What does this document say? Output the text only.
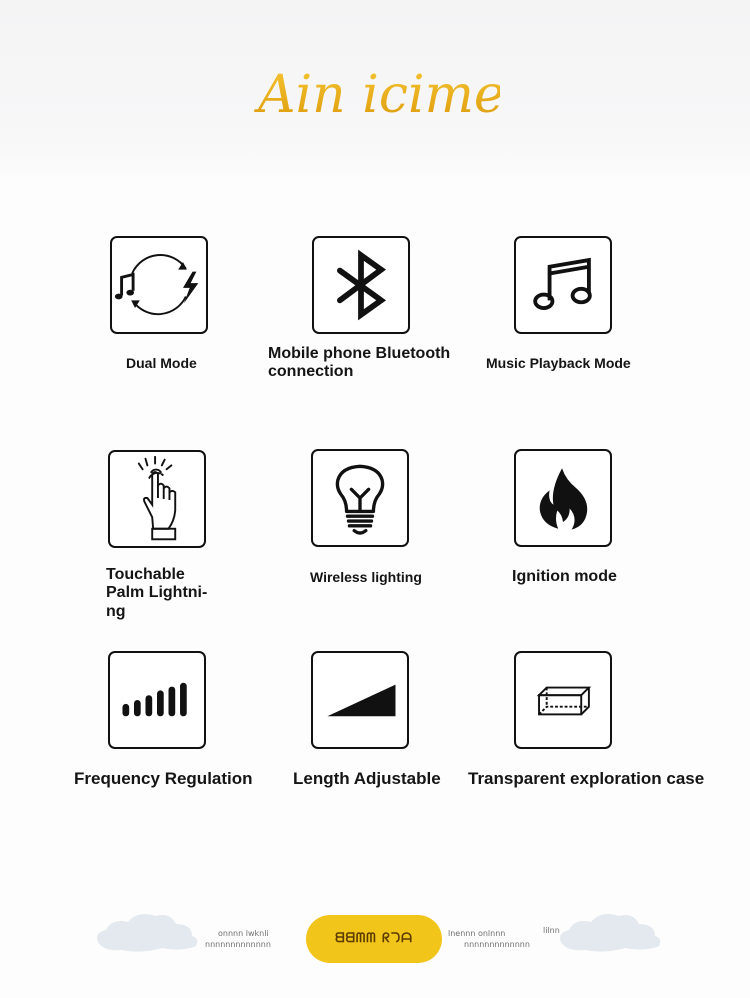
Ain icime
Dual Mode
Mobile phone Bluetooth connection
Music Playback Mode
Touchable Palm Lightni-ng
Wireless lighting	Ignition mode
Frequency Regulation Length Adjustable Transparent exploration case
onnnn lwknli
nnnnnnnnnnnnn	ᗺᗺᗰᗰ ᖇᘄᗩ	lnennn onlnnn
nnnnnnnnnnnnn
lilnn
